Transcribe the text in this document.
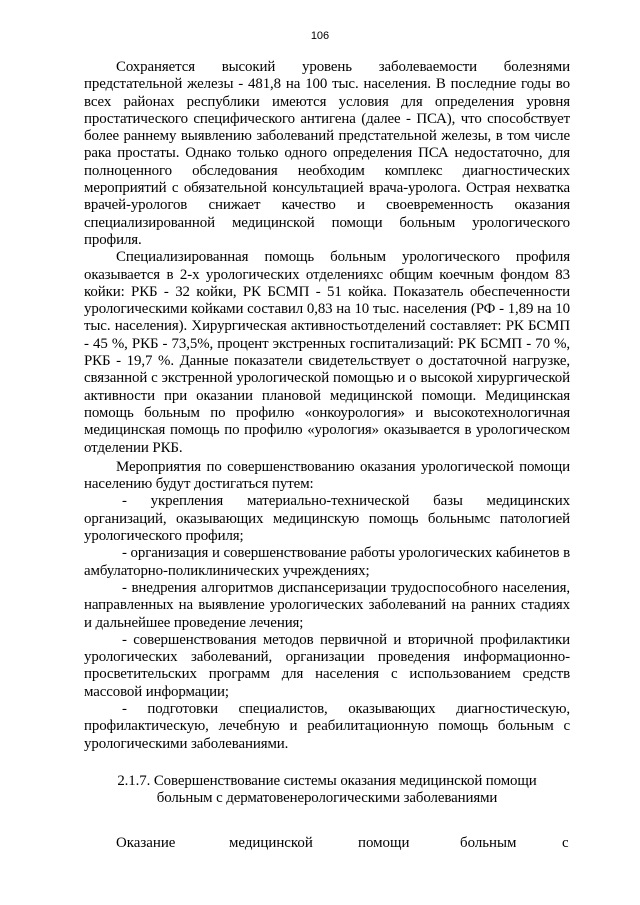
106

Сохраняется высокий уровень заболеваемости болезнями предстательной железы - 481,8 на 100 тыс. населения. В последние годы во всех районах республики имеются условия для определения уровня простатического специфического антигена (далее - ПСА), что способствует более раннему выявлению заболеваний предстательной железы, в том числе рака простаты. Однако только одного определения ПСА недостаточно, для полноценного обследования необходим комплекс диагностических мероприятий с обязательной консультацией врача-уролога. Острая нехватка врачей-урологов снижает качество и своевременность оказания специализированной медицинской помощи больным урологического профиля.

Специализированная помощь больным урологического профиля оказывается в 2-х урологических отделенияхс общим коечным фондом 83 койки: РКБ - 32 койки, РК БСМП - 51 койка. Показатель обеспеченности урологическими койками составил 0,83 на 10 тыс. населения (РФ - 1,89 на 10 тыс. населения). Хирургическая активностьотделений составляет: РК БСМП - 45 %, РКБ - 73,5%, процент экстренных госпитализаций: РК БСМП - 70 %, РКБ - 19,7 %. Данные показатели свидетельствует о достаточной нагрузке, связанной с экстренной урологической помощью и о высокой хирургической активности при оказании плановой медицинской помощи. Медицинская помощь больным по профилю «онкоурология» и высокотехнологичная медицинская помощь по профилю «урология» оказывается в урологическом отделении РКБ.

Мероприятия по совершенствованию оказания урологической помощи населению будут достигаться путем:

- укрепления материально-технической базы медицинских организаций, оказывающих медицинскую помощь больнымс патологией урологического профиля;

- организация и совершенствование работы урологических кабинетов в амбулаторно-поликлинических учреждениях;

- внедрения алгоритмов диспансеризации трудоспособного населения, направленных на выявление урологических заболеваний на ранних стадиях и дальнейшее проведение лечения;

- совершенствования методов первичной и вторичной профилактики урологических заболеваний, организации проведения информационно-просветительских программ для населения с использованием средств массовой информации;

- подготовки специалистов, оказывающих диагностическую, профилактическую, лечебную и реабилитационную помощь больным с урологическими заболеваниями.

2.1.7. Совершенствование системы оказания медицинской помощи
больным с дерматовенерологическими заболеваниями
Оказание	медицинской	помощи	больным	с
